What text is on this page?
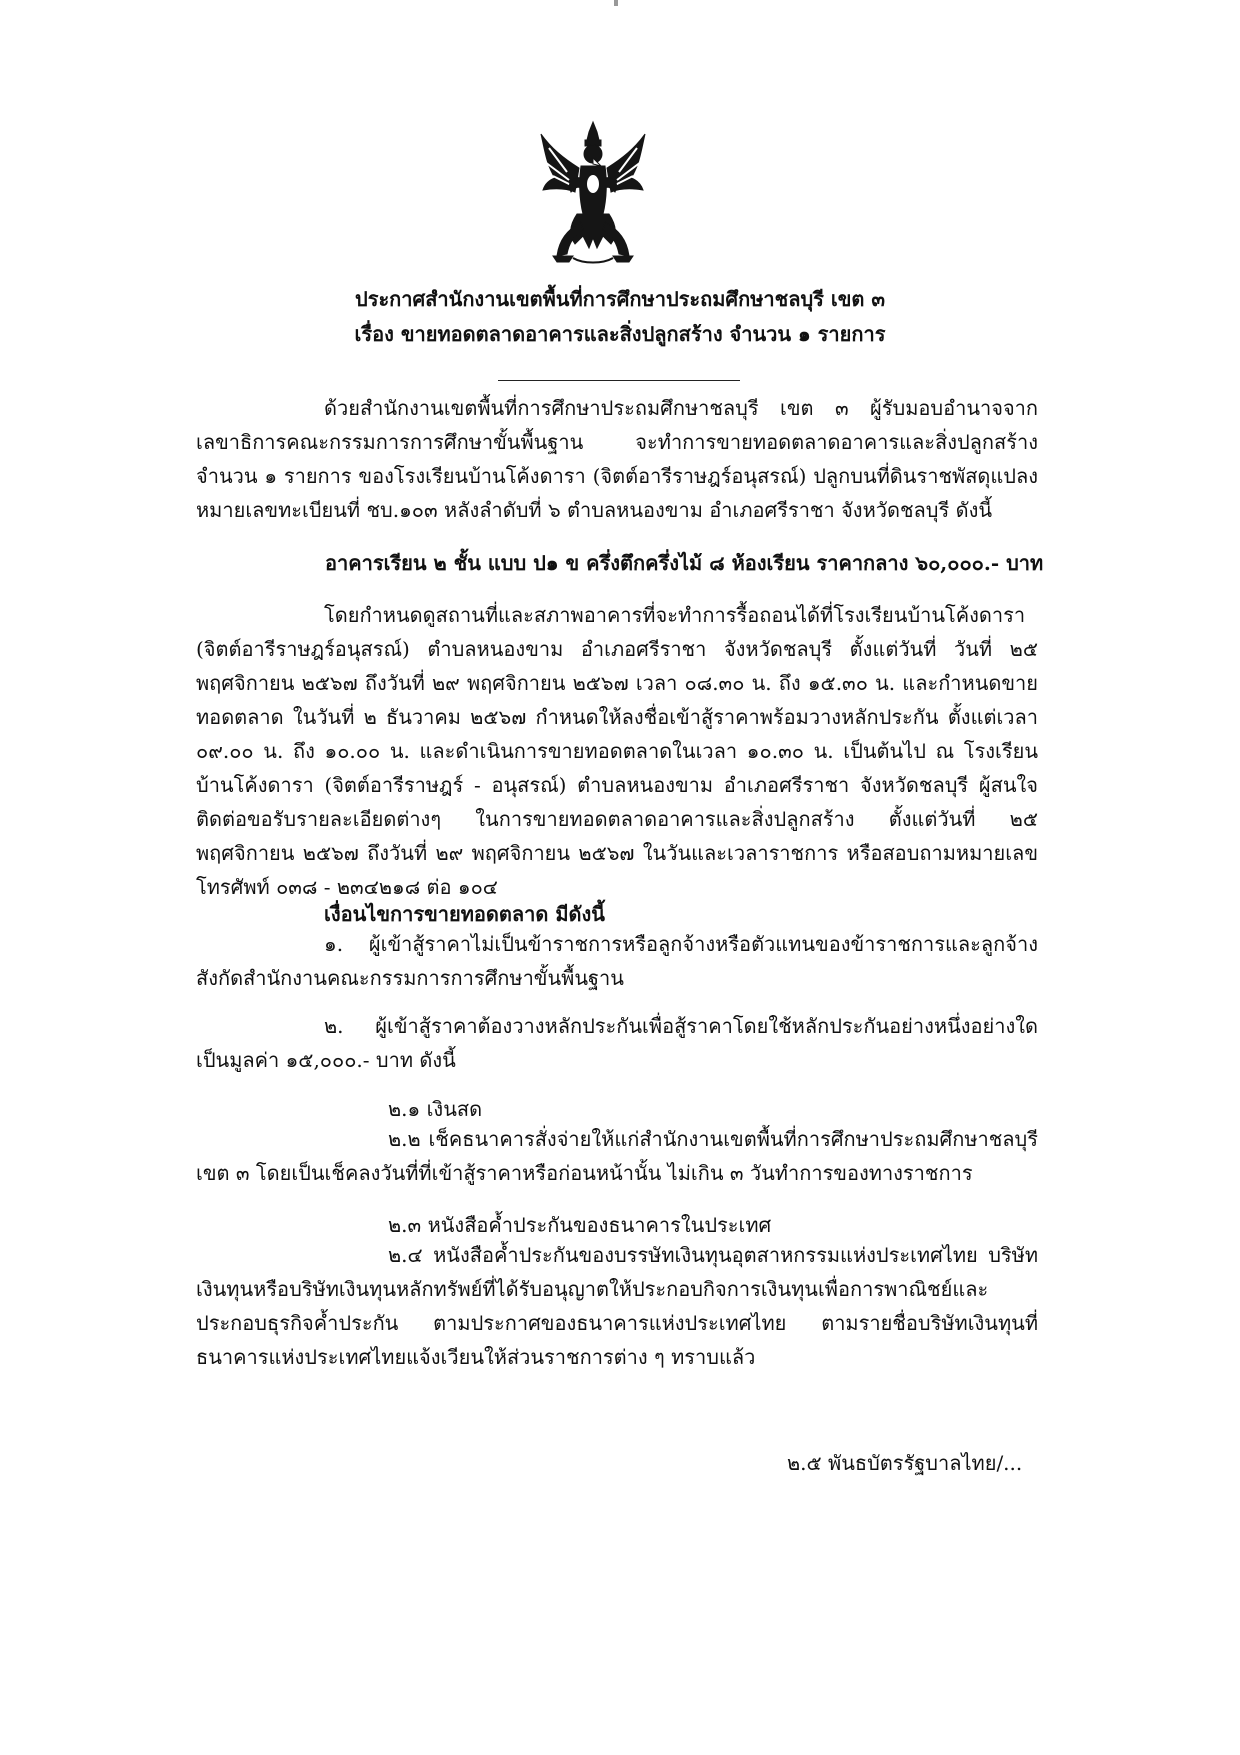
ประกาศสำนักงานเขตพื้นที่การศึกษาประถมศึกษาชลบุรี เขต ๓
เรื่อง ขายทอดตลาดอาคารและสิ่งปลูกสร้าง จำนวน ๑ รายการ
ด้วยสำนักงานเขตพื้นที่การศึกษาประถมศึกษาชลบุรี เขต ๓ ผู้รับมอบอำนาจจากเลขาธิการคณะกรรมการการศึกษาขั้นพื้นฐาน จะทำการขายทอดตลาดอาคารและสิ่งปลูกสร้าง จำนวน ๑ รายการ ของโรงเรียนบ้านโค้งดารา (จิตต์อารีราษฎร์อนุสรณ์) ปลูกบนที่ดินราชพัสดุแปลงหมายเลขทะเบียนที่ ชบ.๑๐๓ หลังลำดับที่ ๖ ตำบลหนองขาม อำเภอศรีราชา จังหวัดชลบุรี ดังนี้
อาคารเรียน ๒ ชั้น แบบ ป๑ ข ครึ่งตึกครึ่งไม้ ๘ ห้องเรียน ราคากลาง ๖๐,๐๐๐.- บาท
โดยกำหนดดูสถานที่และสภาพอาคารที่จะทำการรื้อถอนได้ที่โรงเรียนบ้านโค้งดารา (จิตต์อารีราษฎร์อนุสรณ์) ตำบลหนองขาม อำเภอศรีราชา จังหวัดชลบุรี ตั้งแต่วันที่ วันที่ ๒๕ พฤศจิกายน ๒๕๖๗ ถึงวันที่ ๒๙ พฤศจิกายน ๒๕๖๗ เวลา ๐๘.๓๐ น. ถึง ๑๕.๓๐ น. และกำหนดขายทอดตลาด ในวันที่ ๒ ธันวาคม ๒๕๖๗ กำหนดให้ลงชื่อเข้าสู้ราคาพร้อมวางหลักประกัน ตั้งแต่เวลา ๐๙.๐๐ น. ถึง ๑๐.๐๐ น. และดำเนินการขายทอดตลาดในเวลา ๑๐.๓๐ น. เป็นต้นไป ณ โรงเรียนบ้านโค้งดารา (จิตต์อารีราษฎร์ - อนุสรณ์) ตำบลหนองขาม อำเภอศรีราชา จังหวัดชลบุรี ผู้สนใจติดต่อขอรับรายละเอียดต่างๆ ในการขายทอดตลาดอาคารและสิ่งปลูกสร้าง ตั้งแต่วันที่ ๒๕ พฤศจิกายน ๒๕๖๗ ถึงวันที่ ๒๙ พฤศจิกายน ๒๕๖๗ ในวันและเวลาราชการ หรือสอบถามหมายเลขโทรศัพท์ ๐๓๘ - ๒๓๔๒๑๘ ต่อ ๑๐๔
เงื่อนไขการขายทอดตลาด มีดังนี้
๑. ผู้เข้าสู้ราคาไม่เป็นข้าราชการหรือลูกจ้างหรือตัวแทนของข้าราชการและลูกจ้างสังกัดสำนักงานคณะกรรมการการศึกษาขั้นพื้นฐาน
๒. ผู้เข้าสู้ราคาต้องวางหลักประกันเพื่อสู้ราคาโดยใช้หลักประกันอย่างหนึ่งอย่างใด เป็นมูลค่า ๑๕,๐๐๐.- บาท ดังนี้
๒.๑ เงินสด
๒.๒ เช็คธนาคารสั่งจ่ายให้แก่สำนักงานเขตพื้นที่การศึกษาประถมศึกษาชลบุรี เขต ๓ โดยเป็นเช็คลงวันที่ที่เข้าสู้ราคาหรือก่อนหน้านั้น ไม่เกิน ๓ วันทำการของทางราชการ
๒.๓ หนังสือค้ำประกันของธนาคารในประเทศ
๒.๔ หนังสือค้ำประกันของบรรษัทเงินทุนอุตสาหกรรมแห่งประเทศไทย บริษัทเงินทุนหรือบริษัทเงินทุนหลักทรัพย์ที่ได้รับอนุญาตให้ประกอบกิจการเงินทุนเพื่อการพาณิชย์และประกอบธุรกิจค้ำประกัน ตามประกาศของธนาคารแห่งประเทศไทย ตามรายชื่อบริษัทเงินทุนที่ธนาคารแห่งประเทศไทยแจ้งเวียนให้ส่วนราชการต่าง ๆ ทราบแล้ว
๒.๕ พันธบัตรรัฐบาลไทย/...
